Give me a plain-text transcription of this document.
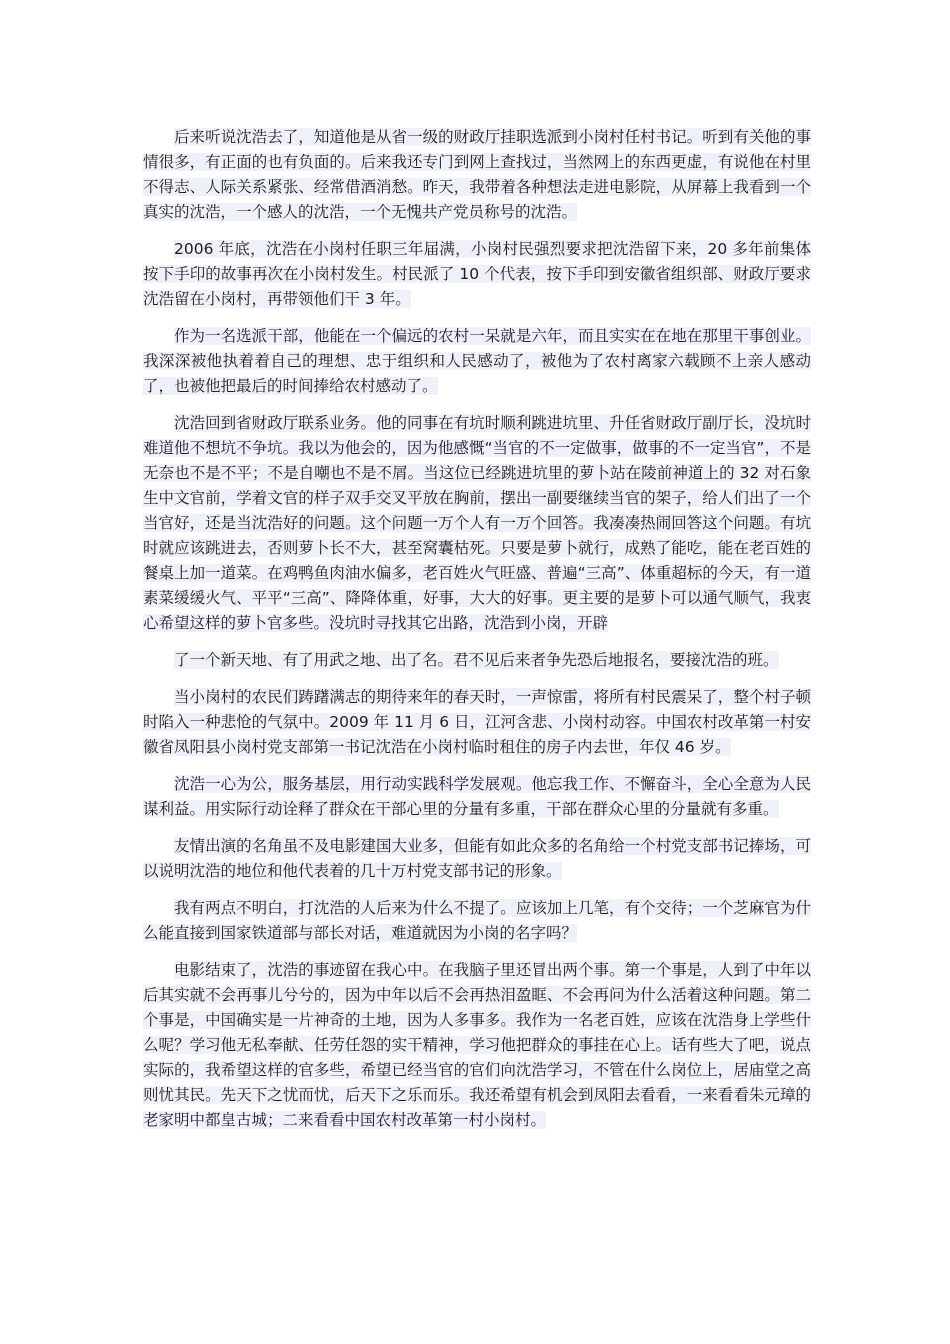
后来听说沈浩去了，知道他是从省一级的财政厅挂职选派到小岗村任村书记。听到有关他的事情很多，有正面的也有负面的。后来我还专门到网上查找过，当然网上的东西更虚，有说他在村里不得志、人际关系紧张、经常借酒消愁。昨天，我带着各种想法走进电影院，从屏幕上我看到一个真实的沈浩，一个感人的沈浩，一个无愧共产党员称号的沈浩。

2006 年底，沈浩在小岗村任职三年届满，小岗村民强烈要求把沈浩留下来，20 多年前集体按下手印的故事再次在小岗村发生。村民派了 10 个代表，按下手印到安徽省组织部、财政厅要求沈浩留在小岗村，再带领他们干 3 年。

作为一名选派干部，他能在一个偏远的农村一呆就是六年，而且实实在在地在那里干事创业。我深深被他执着着自己的理想、忠于组织和人民感动了，被他为了农村离家六载顾不上亲人感动了，也被他把最后的时间捧给农村感动了。

沈浩回到省财政厅联系业务。他的同事在有坑时顺利跳进坑里、升任省财政厅副厅长，没坑时难道他不想坑不争坑。我以为他会的，因为他感慨“当官的不一定做事，做事的不一定当官”，不是无奈也不是不平；不是自嘲也不是不屑。当这位已经跳进坑里的萝卜站在陵前神道上的 32 对石象生中文官前，学着文官的样子双手交叉平放在胸前，摆出一副要继续当官的架子，给人们出了一个当官好，还是当沈浩好的问题。这个问题一万个人有一万个回答。我凑凑热闹回答这个问题。有坑时就应该跳进去，否则萝卜长不大，甚至窝囊枯死。只要是萝卜就行，成熟了能吃，能在老百姓的餐桌上加一道菜。在鸡鸭鱼肉油水偏多，老百姓火气旺盛、普遍“三高”、体重超标的今天，有一道素菜缓缓火气、平平“三高”、降降体重，好事，大大的好事。更主要的是萝卜可以通气顺气，我衷心希望这样的萝卜官多些。没坑时寻找其它出路，沈浩到小岗，开辟

了一个新天地、有了用武之地、出了名。君不见后来者争先恐后地报名，要接沈浩的班。

当小岗村的农民们踌躇满志的期待来年的春天时，一声惊雷，将所有村民震呆了，整个村子顿时陷入一种悲怆的气氛中。2009 年 11 月 6 日，江河含悲、小岗村动容。中国农村改革第一村安徽省凤阳县小岗村党支部第一书记沈浩在小岗村临时租住的房子内去世，年仅 46 岁。

沈浩一心为公，服务基层，用行动实践科学发展观。他忘我工作、不懈奋斗，全心全意为人民谋利益。用实际行动诠释了群众在干部心里的分量有多重，干部在群众心里的分量就有多重。

友情出演的名角虽不及电影建国大业多，但能有如此众多的名角给一个村党支部书记捧场，可以说明沈浩的地位和他代表着的几十万村党支部书记的形象。

我有两点不明白，打沈浩的人后来为什么不提了。应该加上几笔，有个交待；一个芝麻官为什么能直接到国家铁道部与部长对话，难道就因为小岗的名字吗？

电影结束了，沈浩的事迹留在我心中。在我脑子里还冒出两个事。第一个事是，人到了中年以后其实就不会再事儿兮兮的，因为中年以后不会再热泪盈眶、不会再问为什么活着这种问题。第二个事是，中国确实是一片神奇的土地，因为人多事多。我作为一名老百姓，应该在沈浩身上学些什么呢？学习他无私奉献、任劳任怨的实干精神，学习他把群众的事挂在心上。话有些大了吧，说点实际的，我希望这样的官多些，希望已经当官的官们向沈浩学习，不管在什么岗位上，居庙堂之高则忧其民。先天下之忧而忧，后天下之乐而乐。我还希望有机会到凤阳去看看，一来看看朱元璋的老家明中都皇古城；二来看看中国农村改革第一村小岗村。
